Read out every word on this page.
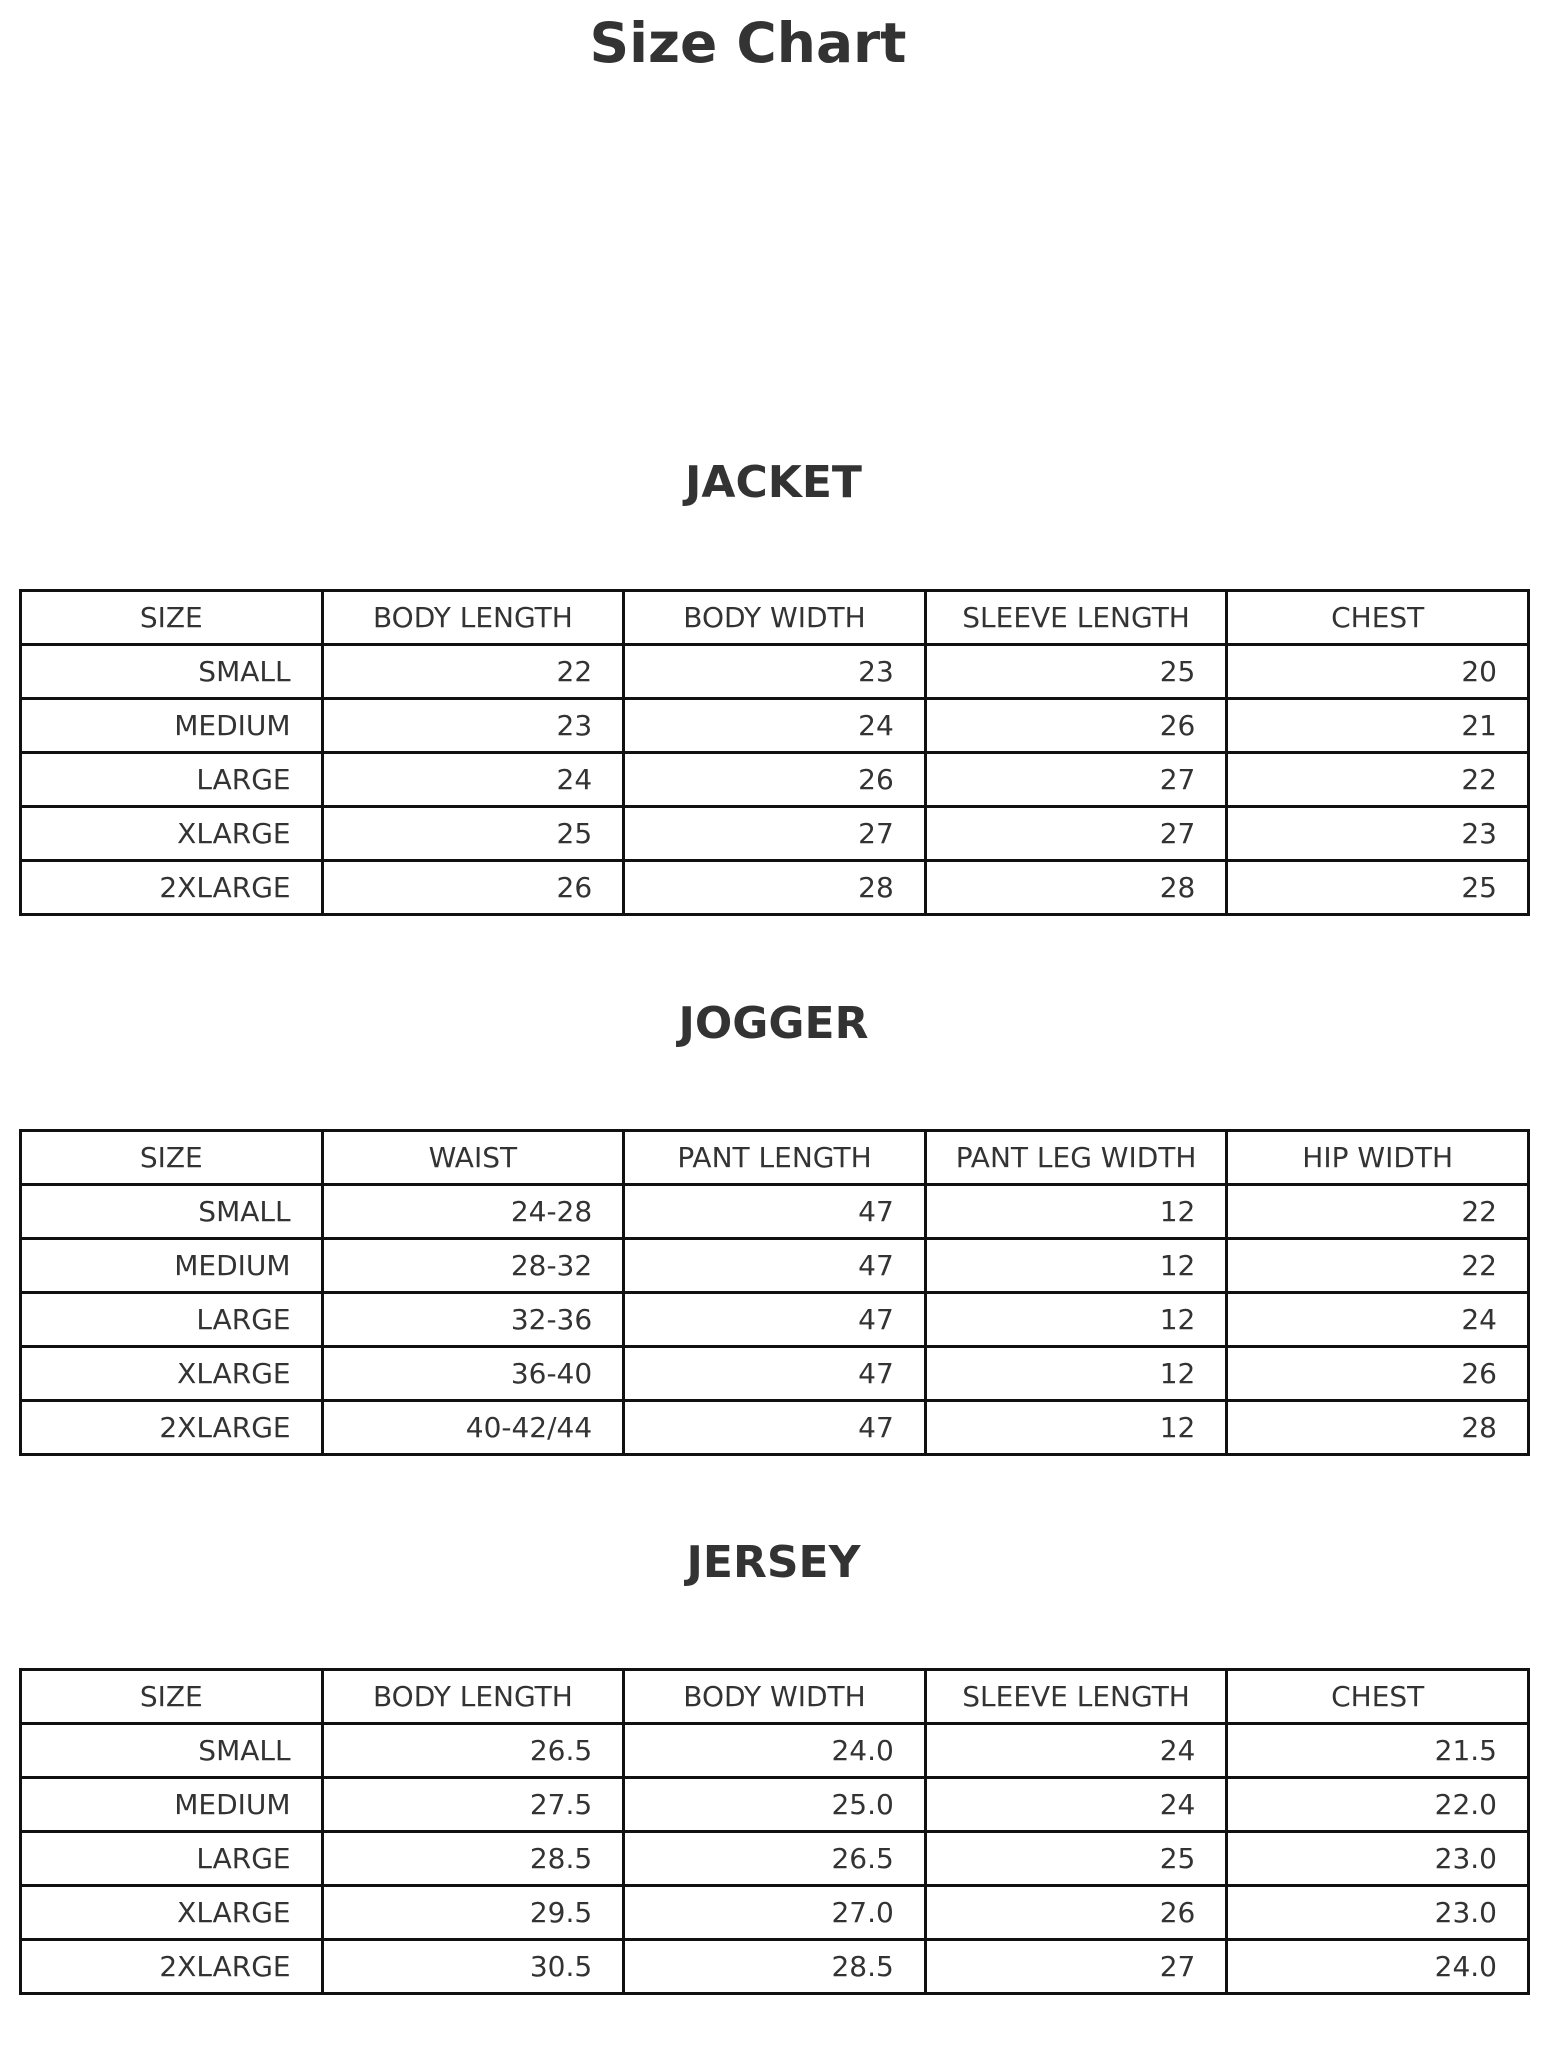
Size Chart
JACKET
SIZE	BODY LENGTH	BODY WIDTH	SLEEVE LENGTH	CHEST
SMALL	22	23	25	20
MEDIUM	23	24	26	21
LARGE	24	26	27	22
XLARGE	25	27	27	23
2XLARGE	26	28	28	25
JOGGER
SIZE	WAIST	PANT LENGTH	PANT LEG WIDTH	HIP WIDTH
SMALL	24-28	47	12	22
MEDIUM	28-32	47	12	22
LARGE	32-36	47	12	24
XLARGE	36-40	47	12	26
2XLARGE	40-42/44	47	12	28
JERSEY
SIZE	BODY LENGTH	BODY WIDTH	SLEEVE LENGTH	CHEST
SMALL	26.5	24.0	24	21.5
MEDIUM	27.5	25.0	24	22.0
LARGE	28.5	26.5	25	23.0
XLARGE	29.5	27.0	26	23.0
2XLARGE	30.5	28.5	27	24.0
